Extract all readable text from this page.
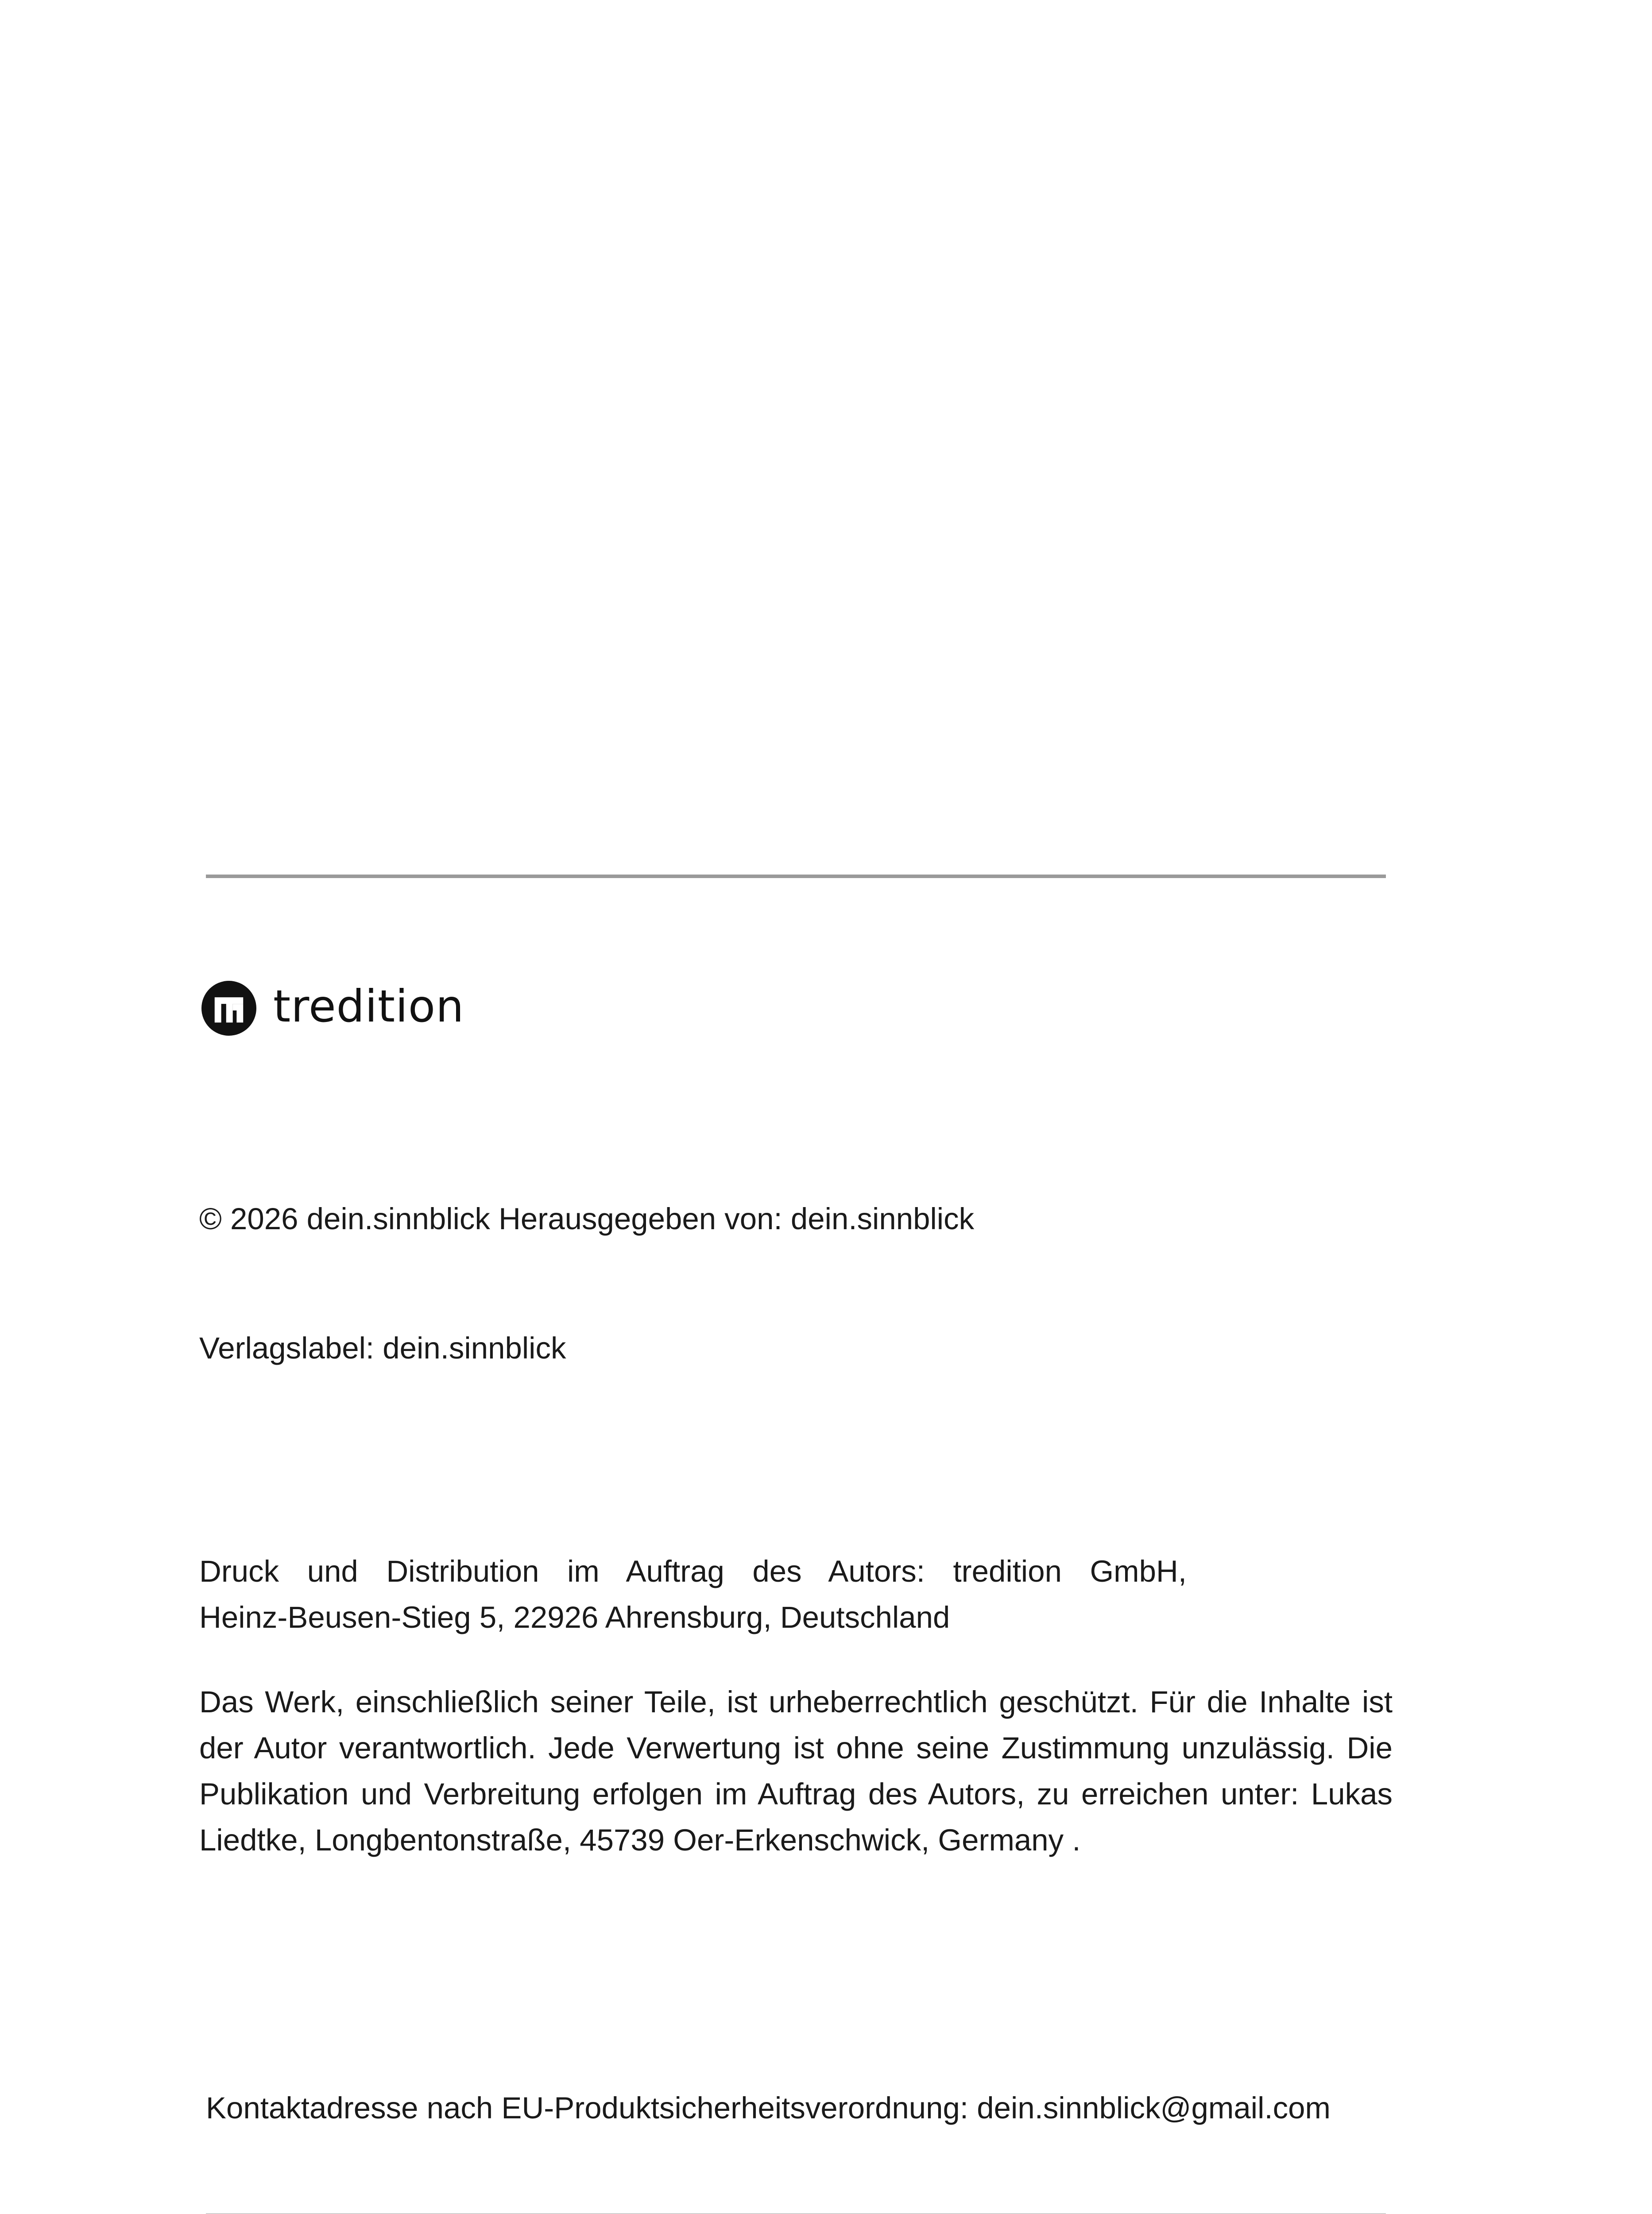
tredition
© 2026 dein.sinnblick Herausgegeben von: dein.sinnblick
Verlagslabel: dein.sinnblick
Druck und Distribution im Auftrag des Autors: tredition GmbH,
Heinz-Beusen-Stieg 5, 22926 Ahrensburg, Deutschland
Das Werk, einschließlich seiner Teile, ist urheberrechtlich geschützt. Für die Inhalte ist der Autor verantwortlich. Jede Verwertung ist ohne seine Zustimmung unzulässig. Die Publikation und Verbreitung erfolgen im Auftrag des Autors, zu erreichen unter: Lukas Liedtke, Longbentonstraße, 45739 Oer-Erkenschwick, Germany .
Kontaktadresse nach EU-Produktsicherheitsverordnung: dein.sinnblick@gmail.com
